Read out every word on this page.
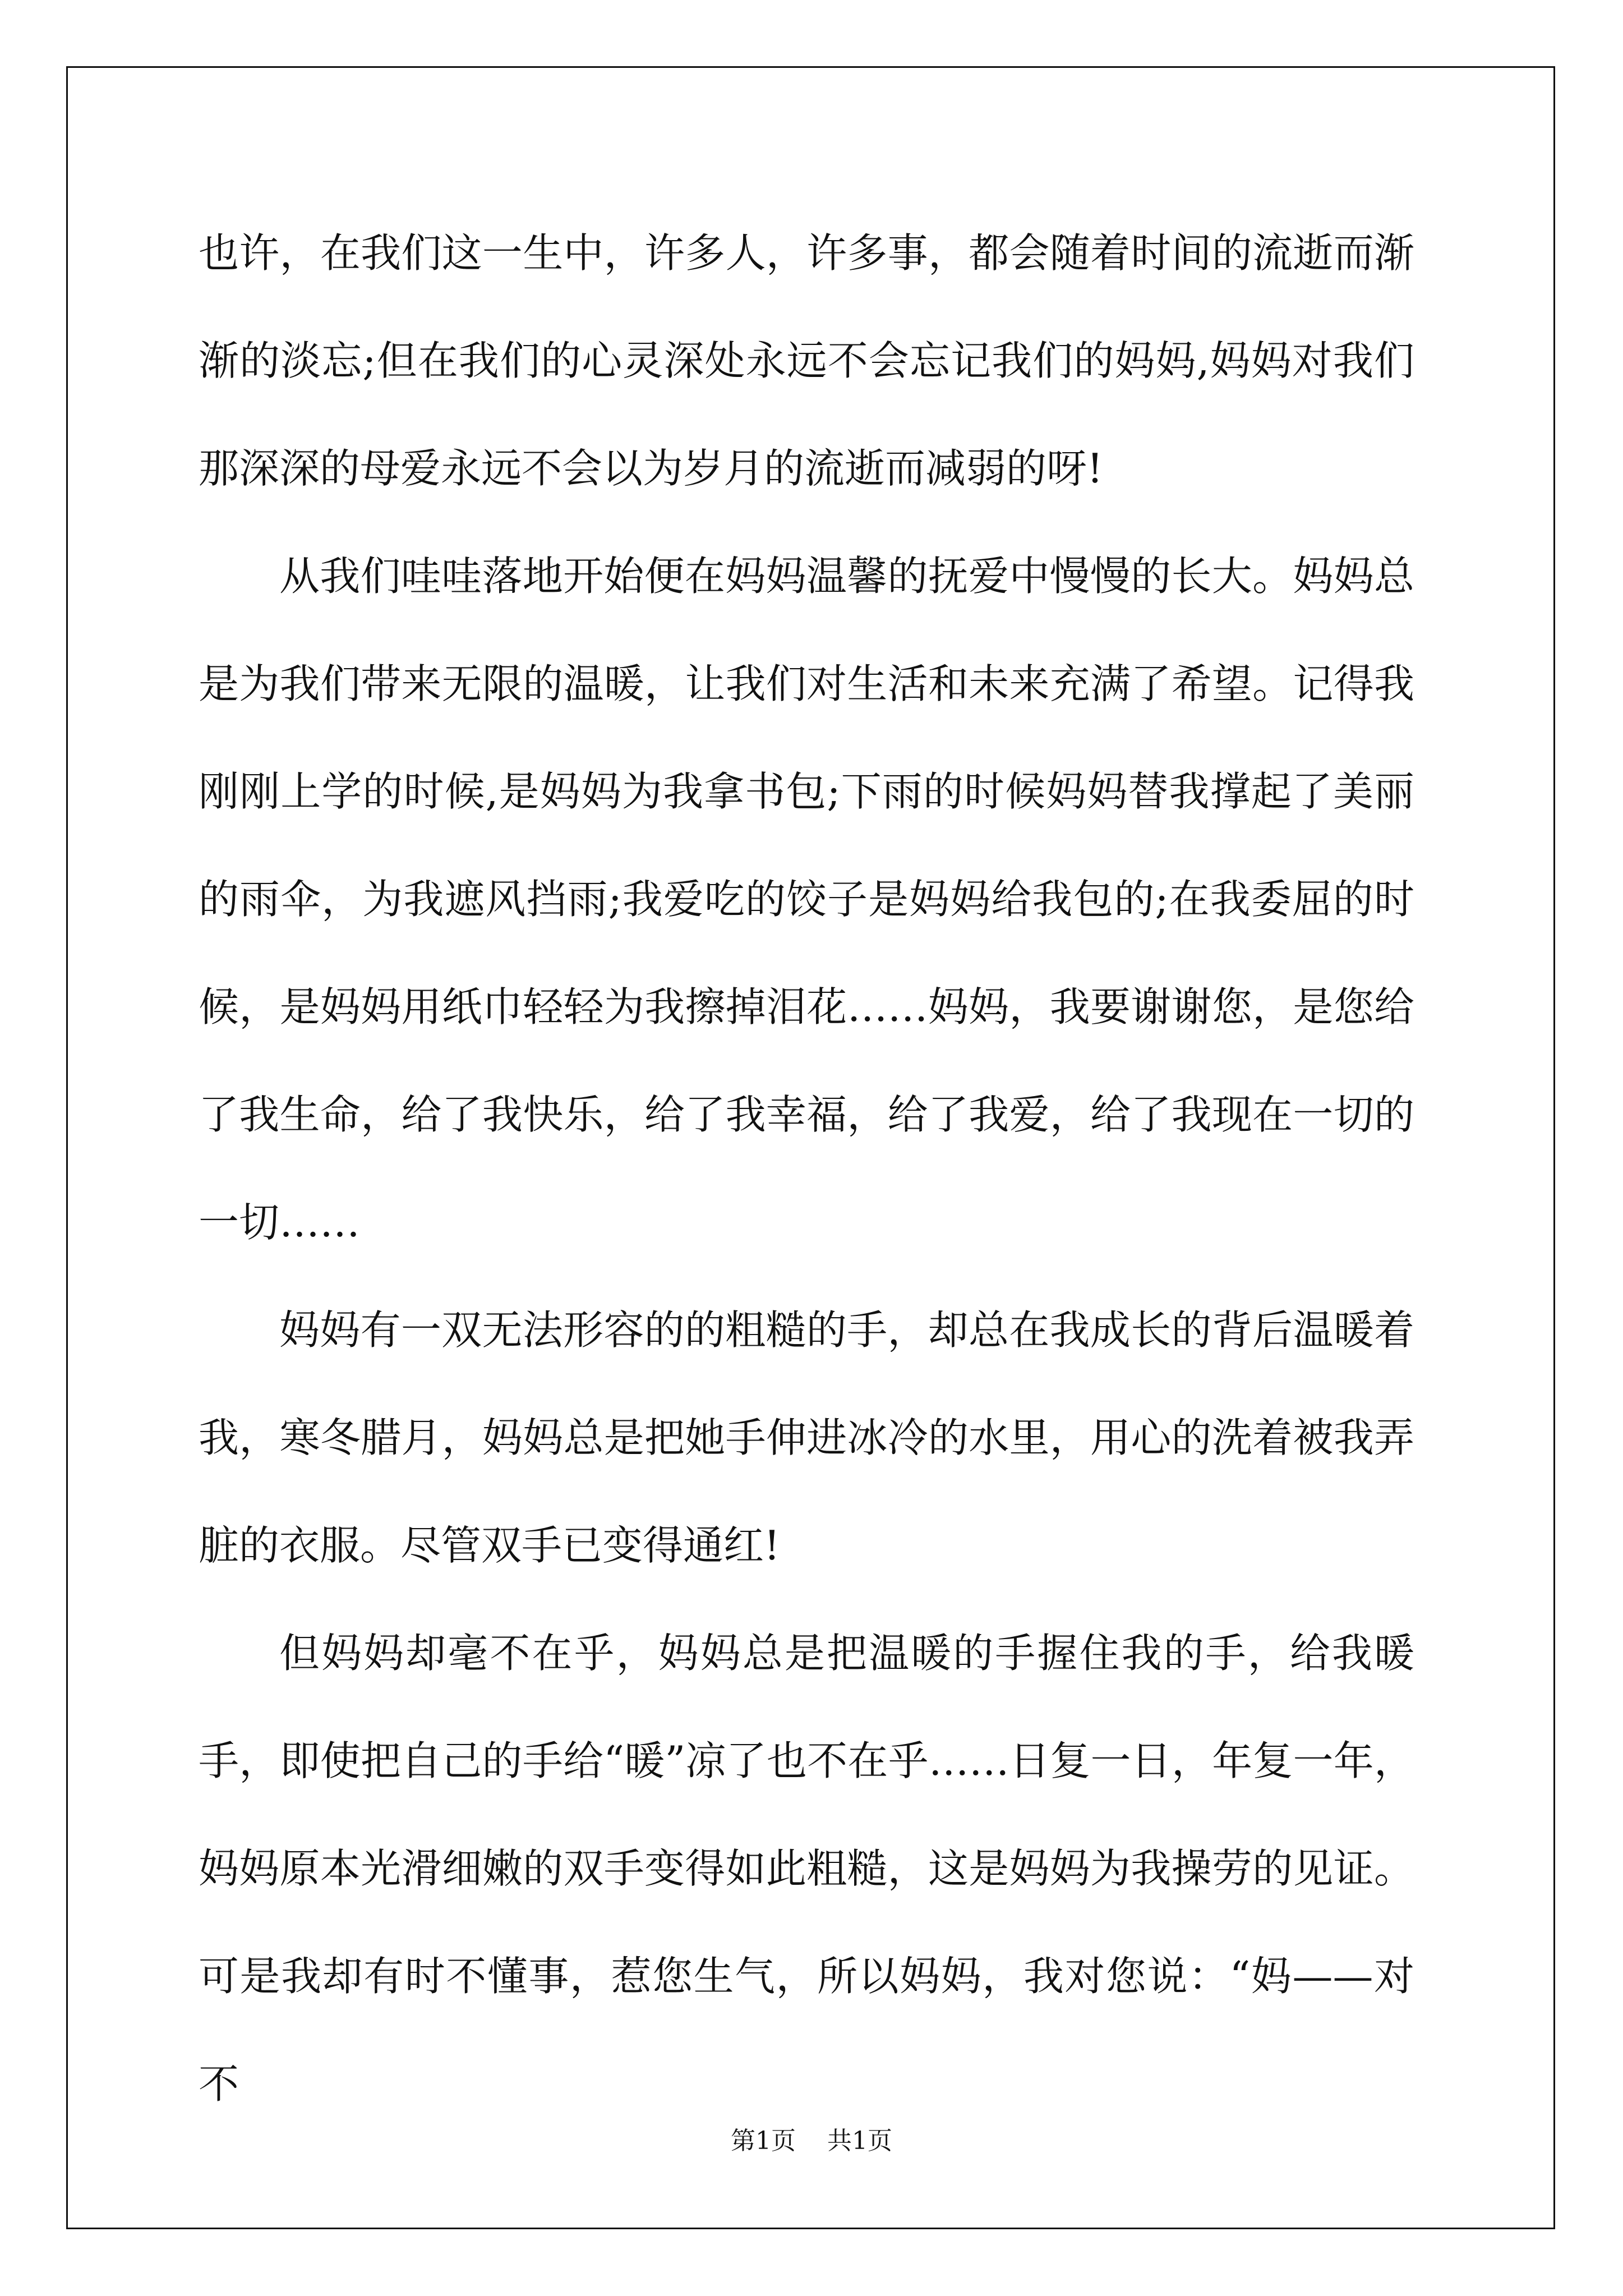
也许，在我们这一生中，许多人，许多事，都会随着时间的流逝而渐渐的淡忘;但在我们的心灵深处永远不会忘记我们的妈妈,妈妈对我们那深深的母爱永远不会以为岁月的流逝而减弱的呀!

从我们哇哇落地开始便在妈妈温馨的抚爱中慢慢的长大。妈妈总是为我们带来无限的温暖，让我们对生活和未来充满了希望。记得我刚刚上学的时候,是妈妈为我拿书包;下雨的时候妈妈替我撑起了美丽的雨伞，为我遮风挡雨;我爱吃的饺子是妈妈给我包的;在我委屈的时候，是妈妈用纸巾轻轻为我擦掉泪花……妈妈，我要谢谢您，是您给了我生命，给了我快乐，给了我幸福，给了我爱，给了我现在一切的一切……

妈妈有一双无法形容的的粗糙的手，却总在我成长的背后温暖着我，寒冬腊月，妈妈总是把她手伸进冰冷的水里，用心的洗着被我弄脏的衣服。尽管双手已变得通红!

但妈妈却毫不在乎，妈妈总是把温暖的手握住我的手，给我暖手，即使把自己的手给“暖”凉了也不在乎……日复一日，年复一年，妈妈原本光滑细嫩的双手变得如此粗糙，这是妈妈为我操劳的见证。可是我却有时不懂事，惹您生气，所以妈妈，我对您说：“妈——对不

第1页 共1页
